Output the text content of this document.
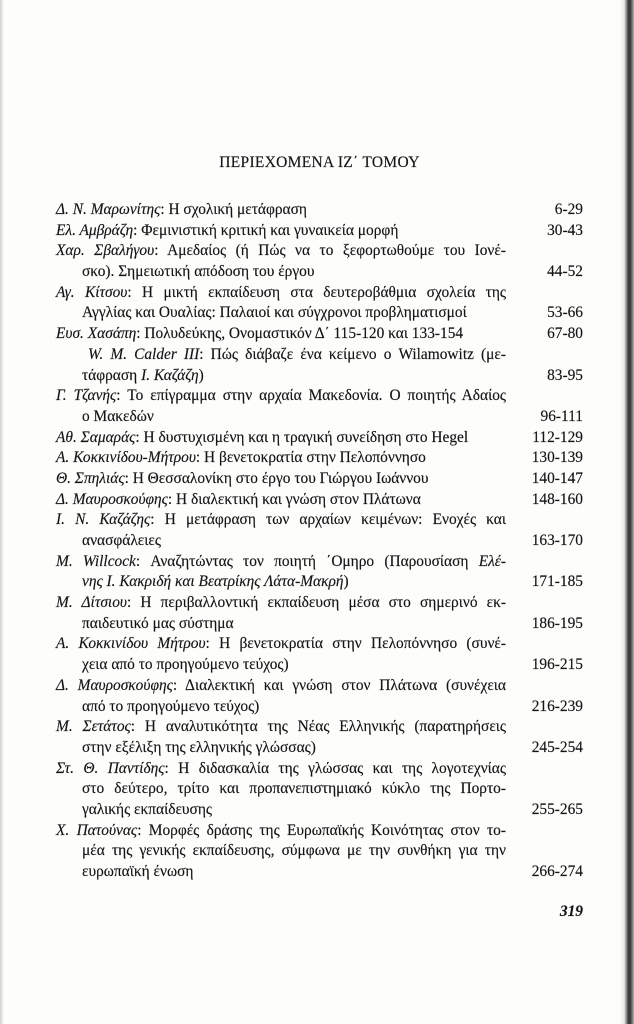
ΠΕΡΙΕΧΟΜΕΝΑ ΙΖ΄ ΤΟΜΟΥ
Δ. Ν. Μαρωνίτης: Η σχολική μετάφραση	6-29
Ελ. Αμβράζη: Φεμινιστική κριτική και γυναικεία μορφή	30-43
Χαρ. Σβαλήγου: Αμεδαίος (ή Πώς να το ξεφορτωθούμε του Ιονέ-
σκο). Σημειωτική απόδοση του έργου	44-52
Αγ. Κίτσου: Η μικτή εκπαίδευση στα δευτεροβάθμια σχολεία της
Αγγλίας και Ουαλίας: Παλαιοί και σύγχρονοι προβληματισμοί	53-66
Ευσ. Χασάπη: Πολυδεύκης, Ονομαστικόν Δ΄ 115-120 και 133-154	67-80
W. M. Calder III: Πώς διάβαζε ένα κείμενο ο Wilamowitz (με-
τάφραση Ι. Καζάζη)	83-95
Γ. Τζανής: Το επίγραμμα στην αρχαία Μακεδονία. Ο ποιητής Αδαίος
ο Μακεδών	96-111
Αθ. Σαμαράς: Η δυστυχισμένη και η τραγική συνείδηση στο Hegel	112-129
Α. Κοκκινίδου-Μήτρου: Η βενετοκρατία στην Πελοπόννησο	130-139
Θ. Σπηλιάς: Η Θεσσαλονίκη στο έργο του Γιώργου Ιωάννου	140-147
Δ. Μαυροσκούφης: Η διαλεκτική και γνώση στον Πλάτωνα	148-160
Ι. Ν. Καζάζης: Η μετάφραση των αρχαίων κειμένων: Ενοχές και
ανασφάλειες	163-170
M. Willcock: Αναζητώντας τον ποιητή ΄Ομηρο (Παρουσίαση Ελέ-
νης Ι. Κακριδή και Βεατρίκης Λάτα-Μακρή)	171-185
Μ. Δίτσιου: Η περιβαλλοντική εκπαίδευση μέσα στο σημερινό εκ-
παιδευτικό μας σύστημα	186-195
Α. Κοκκινίδου Μήτρου: Η βενετοκρατία στην Πελοπόννησο (συνέ-
χεια από το προηγούμενο τεύχος)	196-215
Δ. Μαυροσκούφης: Διαλεκτική και γνώση στον Πλάτωνα (συνέχεια
από το προηγούμενο τεύχος)	216-239
Μ. Σετάτος: Η αναλυτικότητα της Νέας Ελληνικής (παρατηρήσεις
στην εξέλιξη της ελληνικής γλώσσας)	245-254
Στ. Θ. Παντίδης: Η διδασκαλία της γλώσσας και της λογοτεχνίας
στο δεύτερο, τρίτο και προπανεπιστημιακό κύκλο της Πορτο-
γαλικής εκπαίδευσης	255-265
Χ. Πατούνας: Μορφές δράσης της Ευρωπαϊκής Κοινότητας στον το-
μέα της γενικής εκπαίδευσης, σύμφωνα με την συνθήκη για την
ευρωπαϊκή ένωση	266-274
319
